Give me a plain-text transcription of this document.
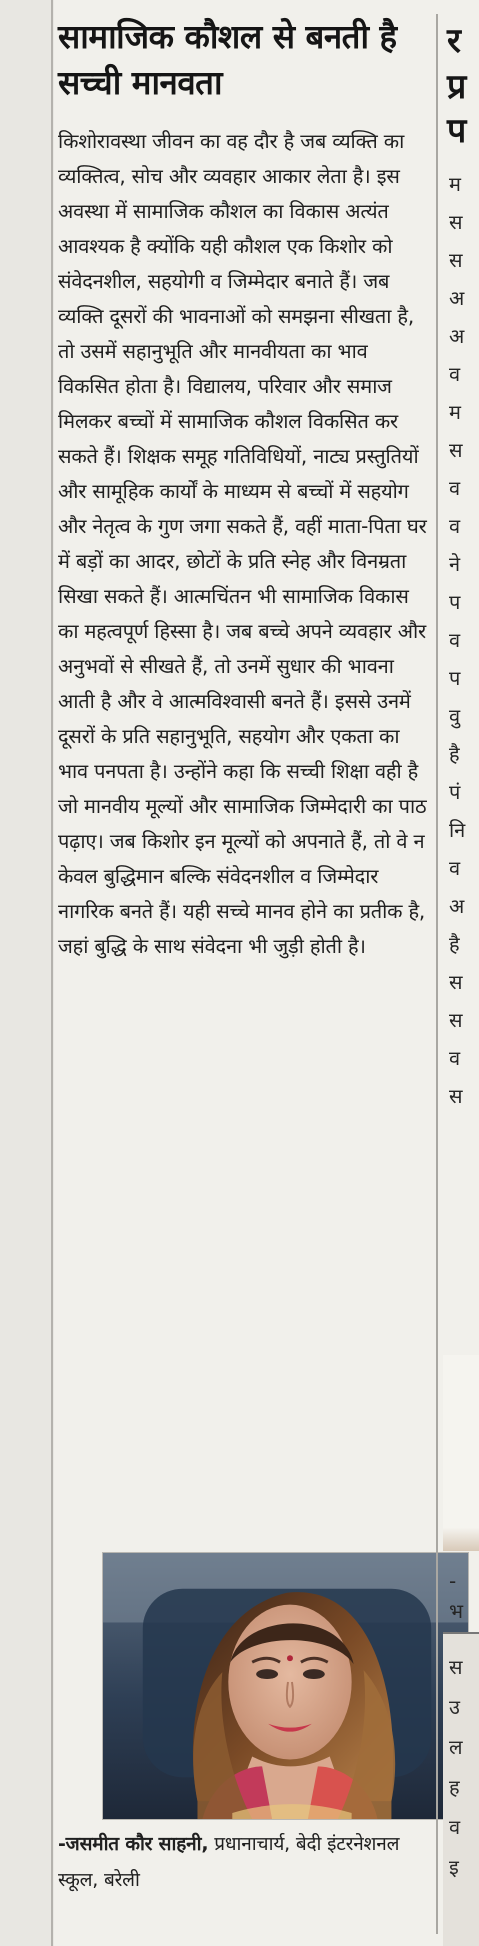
सामाजिक कौशल से बनती है सच्ची मानवता

किशोरावस्था जीवन का वह दौर है जब व्यक्ति का व्यक्तित्व, सोच और व्यवहार आकार लेता है। इस अवस्था में सामाजिक कौशल का विकास अत्यंत आवश्यक है क्योंकि यही कौशल एक किशोर को संवेदनशील, सहयोगी व जिम्मेदार बनाते हैं। जब व्यक्ति दूसरों की भावनाओं को समझना सीखता है, तो उसमें सहानुभूति और मानवीयता का भाव विकसित होता है। विद्यालय, परिवार और समाज मिलकर बच्चों में सामाजिक कौशल विकसित कर सकते हैं। शिक्षक समूह गतिविधियों, नाट्य प्रस्तुतियों और सामूहिक कार्यों के माध्यम से बच्चों में सहयोग और नेतृत्व के गुण जगा सकते हैं, वहीं माता-पिता घर में बड़ों का आदर, छोटों के प्रति स्नेह और विनम्रता सिखा सकते हैं। आत्मचिंतन भी सामाजिक विकास का महत्वपूर्ण हिस्सा है। जब बच्चे अपने व्यवहार और अनुभवों से सीखते हैं, तो उनमें सुधार की भावना आती है और वे आत्मविश्वासी बनते हैं। इससे उनमें दूसरों के प्रति सहानुभूति, सहयोग और एकता का भाव पनपता है। उन्होंने कहा कि सच्ची शिक्षा वही है जो मानवीय मूल्यों और सामाजिक जिम्मेदारी का पाठ पढ़ाए। जब किशोर इन मूल्यों को अपनाते हैं, तो वे न केवल बुद्धिमान बल्कि संवेदनशील व जिम्मेदार नागरिक बनते हैं। यही सच्चे मानव होने का प्रतीक है, जहां बुद्धि के साथ संवेदना भी जुड़ी होती है।

-जसमीत कौर साहनी, प्रधानाचार्य, बेदी इंटरनेशनल स्कूल, बरेली
र
प्र
प
म
स
स
अ
अ
व
म
स
व
व
ने
प
व
प
वु
है
पं
नि
व
अ
है
स
स
व
स
-
भ
स
उ
ल
ह
व
इ
